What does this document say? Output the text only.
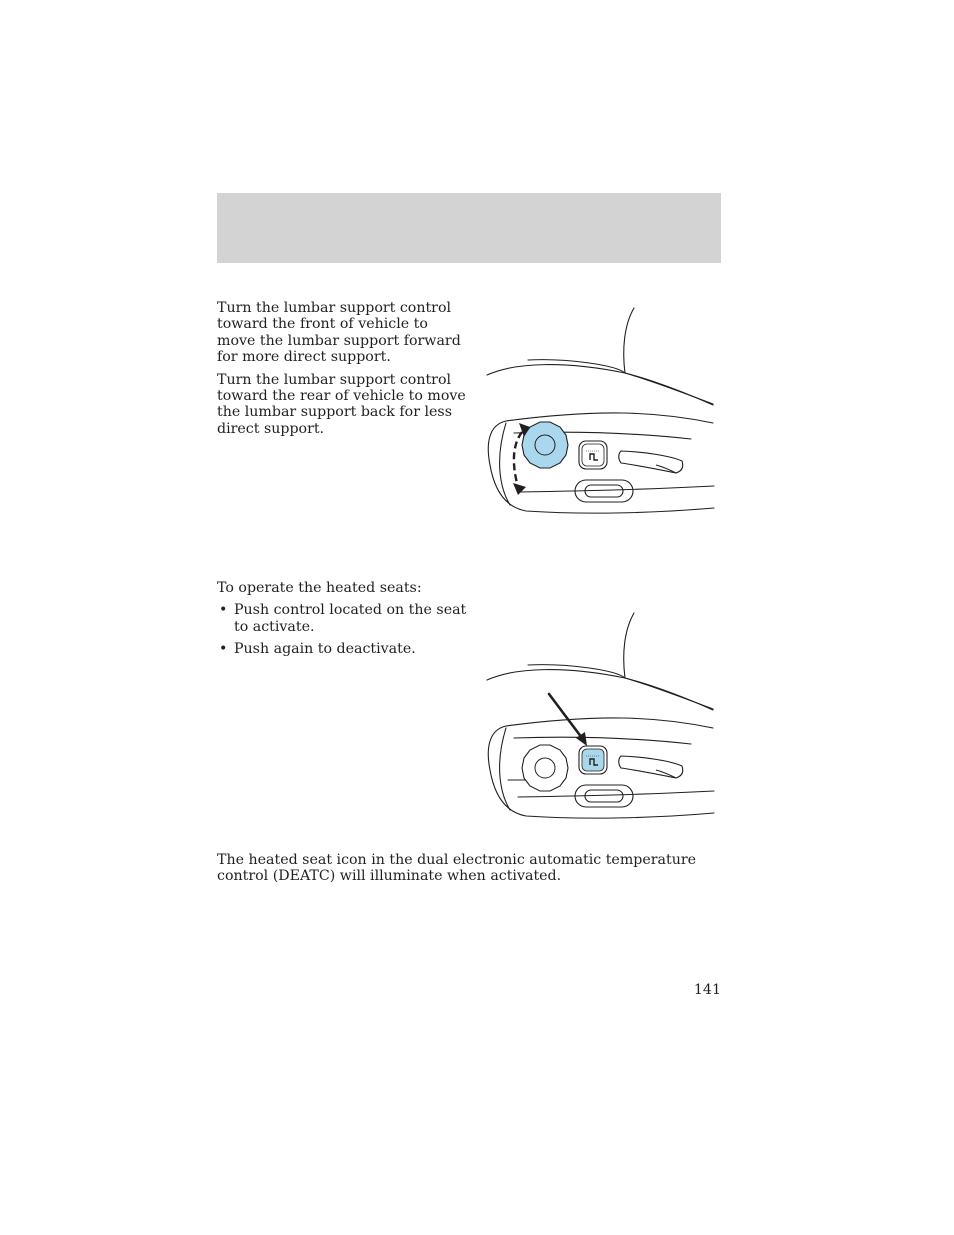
Turn the lumbar support control toward the front of vehicle to move the lumbar support forward for more direct support.

Turn the lumbar support control toward the rear of vehicle to move the lumbar support back for less direct support.

To operate the heated seats:

• Push control located on the seat to activate.
• Push again to deactivate.

The heated seat icon in the dual electronic automatic temperature control (DEATC) will illuminate when activated.

141
